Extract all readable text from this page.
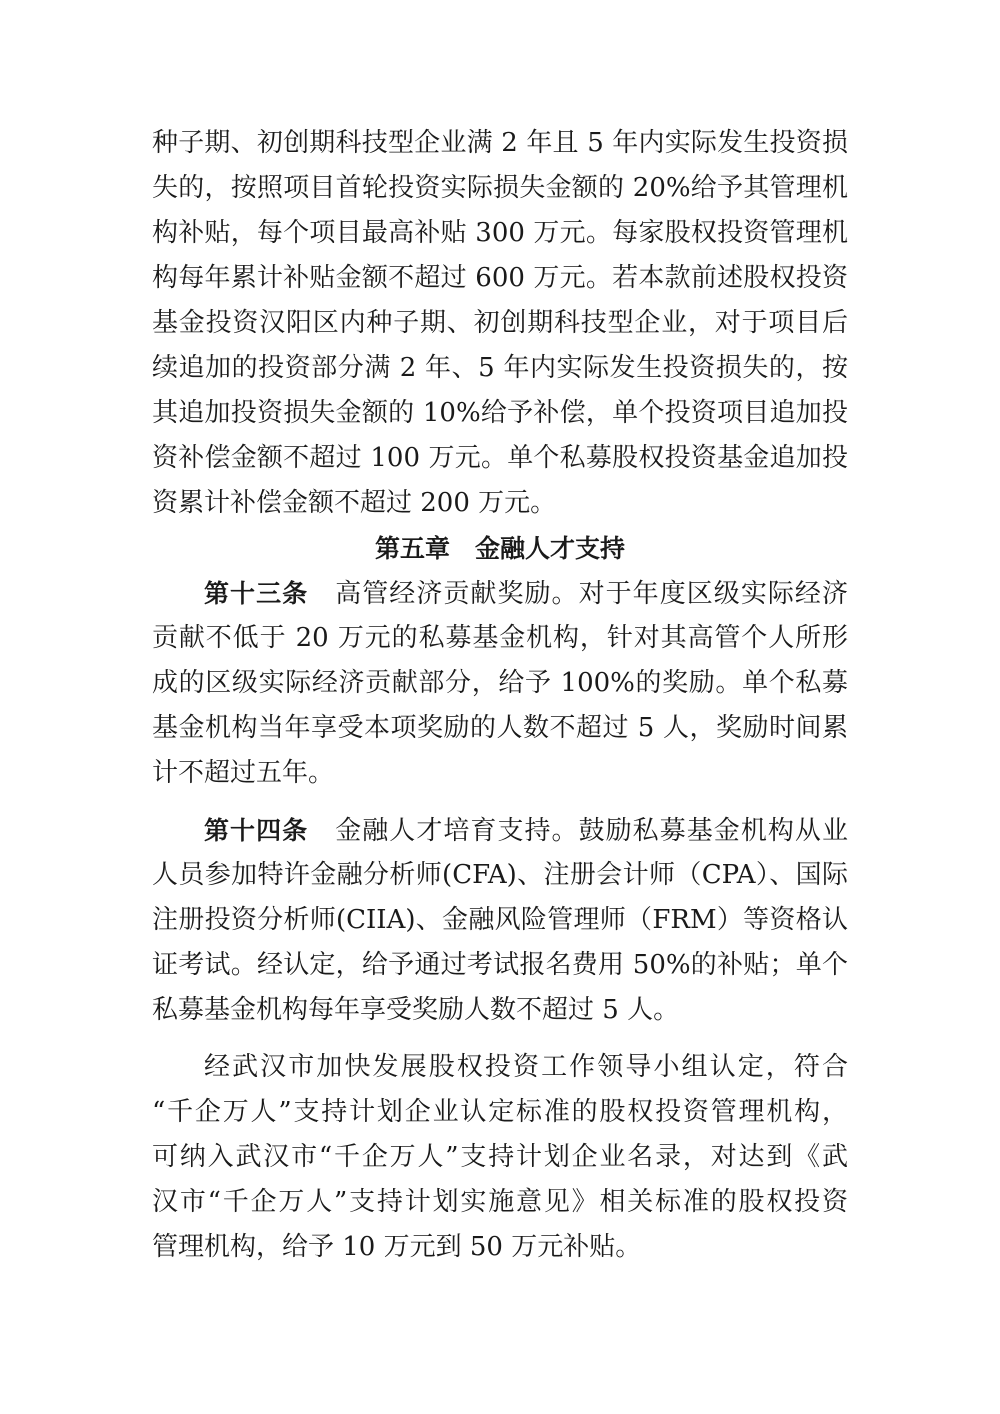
种子期、初创期科技型企业满 2 年且 5 年内实际发生投资损
失的，按照项目首轮投资实际损失金额的 20%给予其管理机
构补贴，每个项目最高补贴 300 万元。每家股权投资管理机
构每年累计补贴金额不超过 600 万元。若本款前述股权投资
基金投资汉阳区内种子期、初创期科技型企业，对于项目后
续追加的投资部分满 2 年、5 年内实际发生投资损失的，按
其追加投资损失金额的 10%给予补偿，单个投资项目追加投
资补偿金额不超过 100 万元。单个私募股权投资基金追加投
资累计补偿金额不超过 200 万元。
第五章　金融人才支持
第十三条 高管经济贡献奖励。对于年度区级实际经济
贡献不低于 20 万元的私募基金机构，针对其高管个人所形
成的区级实际经济贡献部分，给予 100%的奖励。单个私募
基金机构当年享受本项奖励的人数不超过 5 人，奖励时间累
计不超过五年。
第十四条 金融人才培育支持。鼓励私募基金机构从业
人员参加特许金融分析师(CFA)、注册会计师（CPA）、国际
注册投资分析师(CIIA)、金融风险管理师（FRM）等资格认
证考试。经认定，给予通过考试报名费用 50%的补贴；单个
私募基金机构每年享受奖励人数不超过 5 人。
经武汉市加快发展股权投资工作领导小组认定，符合
“千企万人”支持计划企业认定标准的股权投资管理机构，
可纳入武汉市“千企万人”支持计划企业名录，对达到《武
汉市“千企万人”支持计划实施意见》相关标准的股权投资
管理机构，给予 10 万元到 50 万元补贴。
